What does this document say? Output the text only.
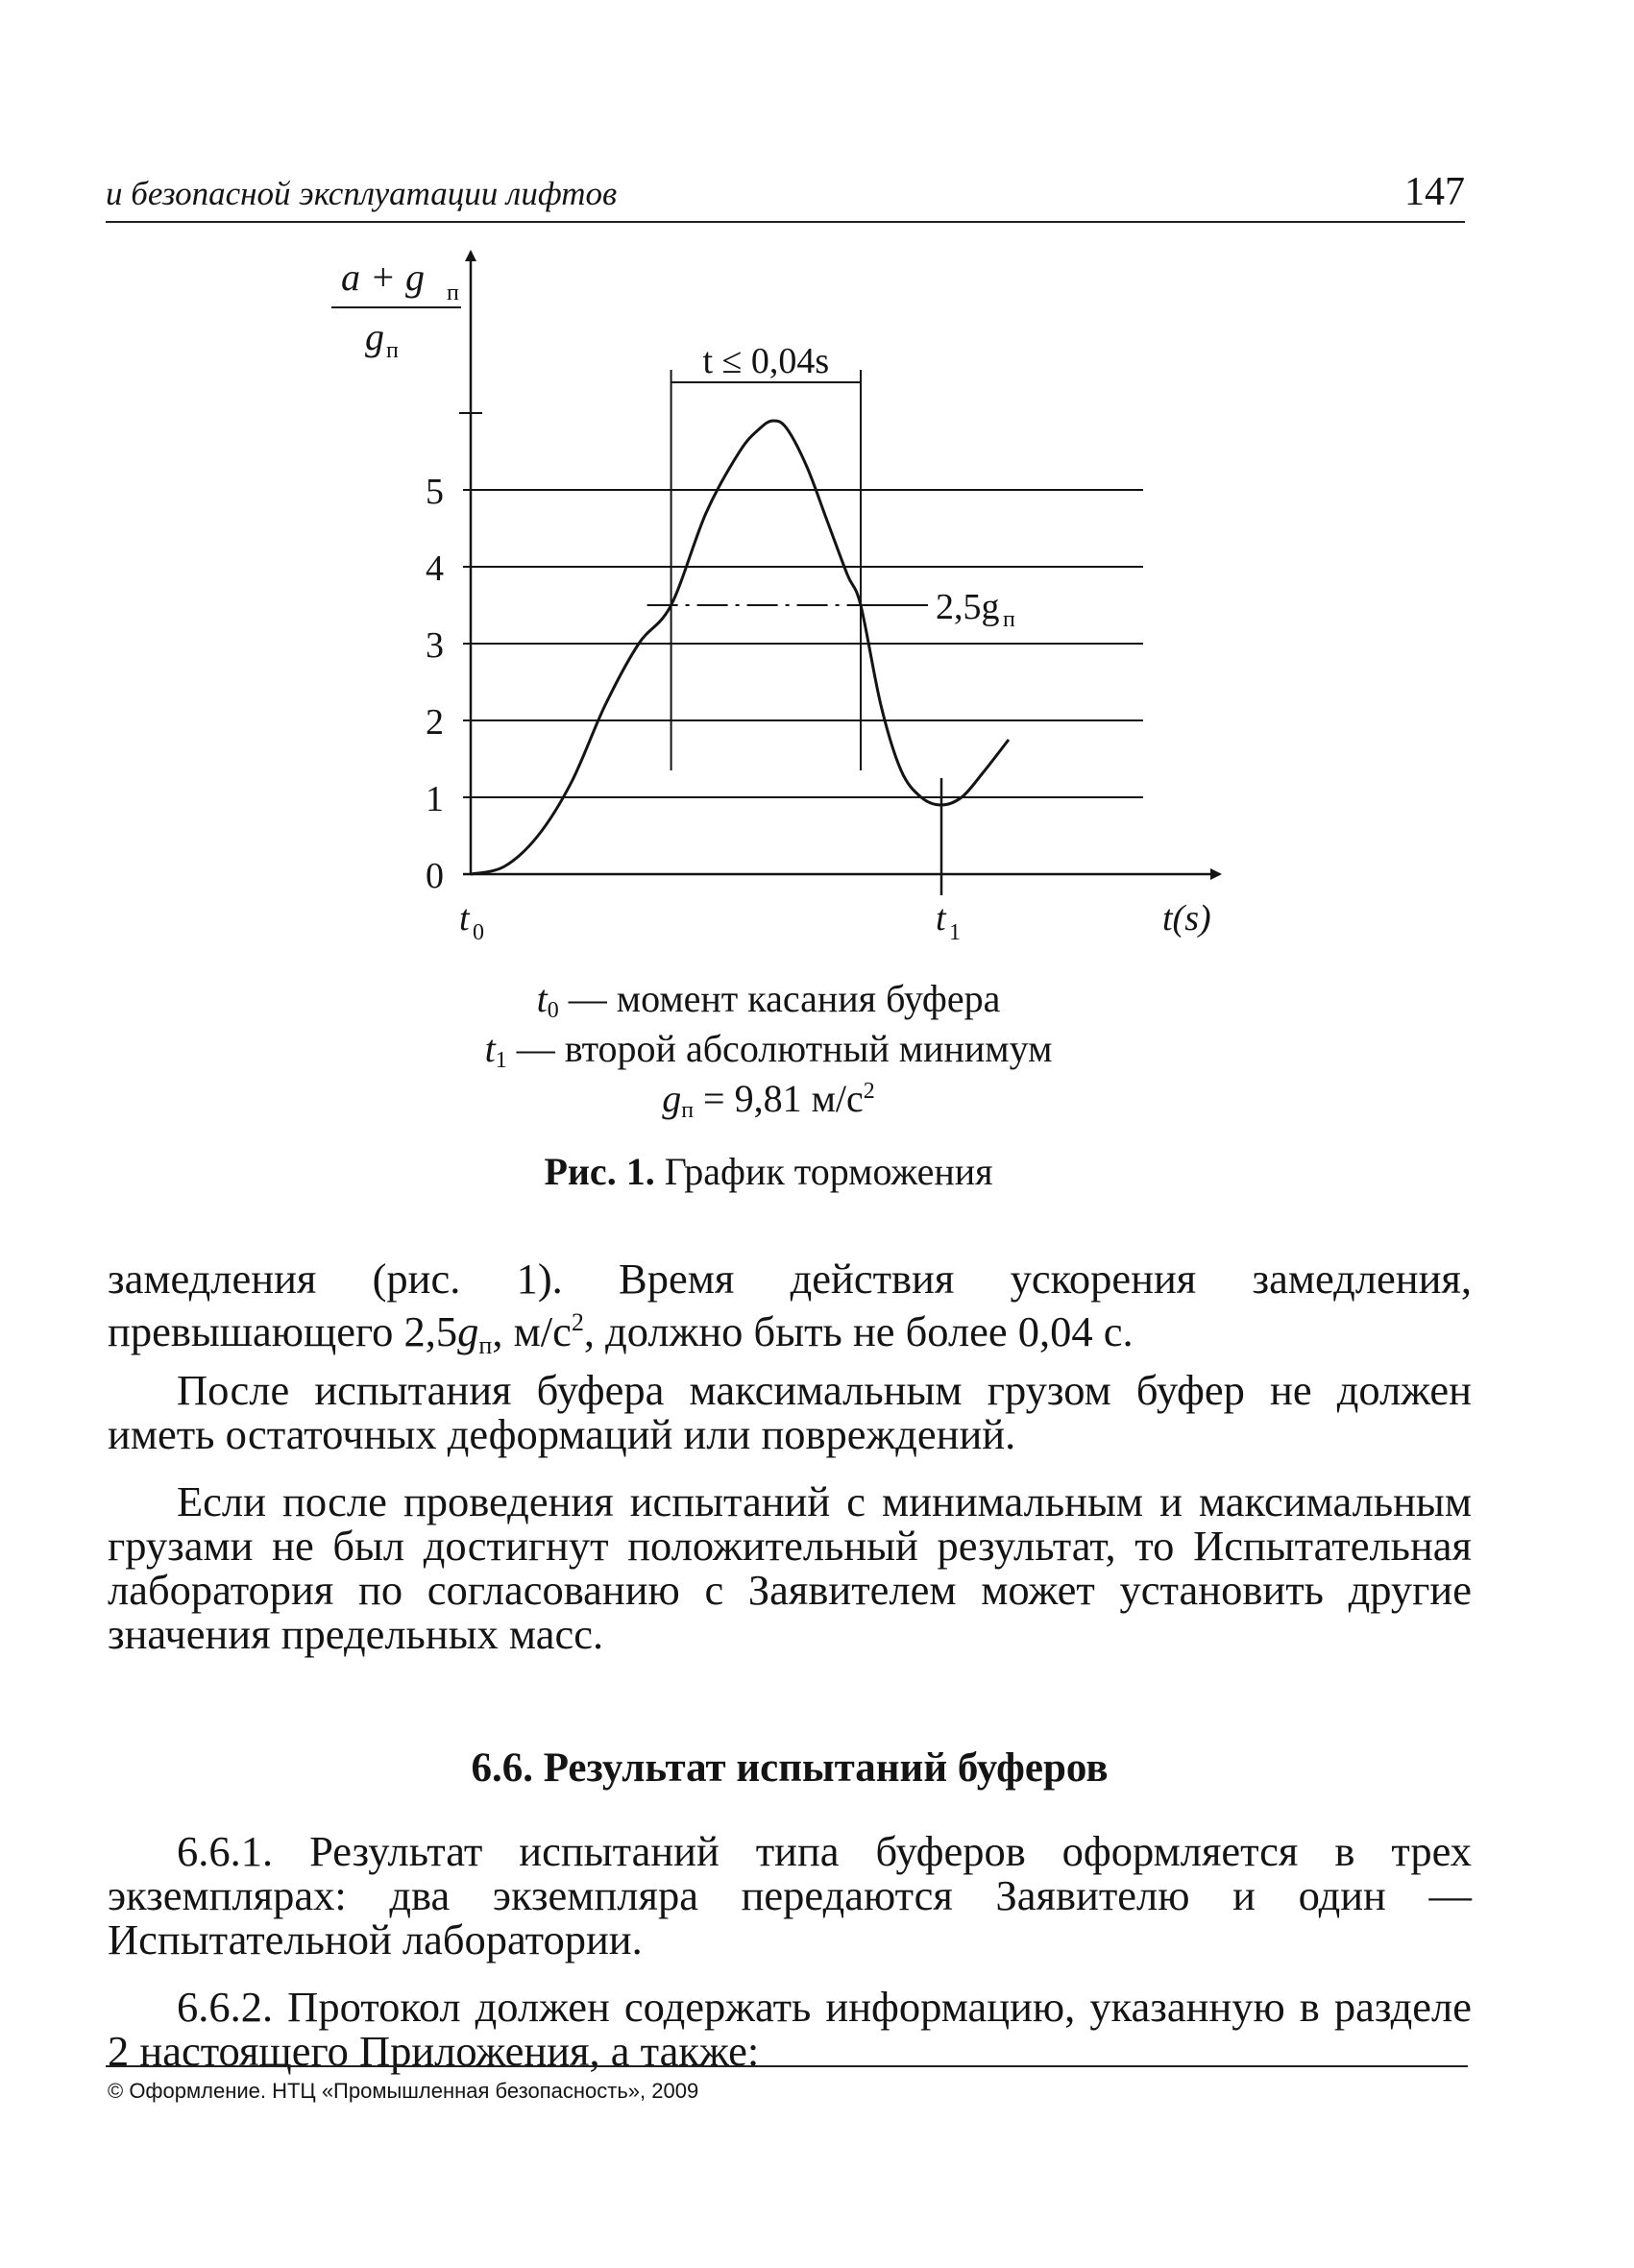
и безопасной эксплуатации лифтов	147
0
1
2
3
4
5
a + g п
g п	t ≤ 0,04s
2,5g п
t 0	t 1	t(s)
$t_0$ — момент касания буфера
$t_1$ — второй абсолютный минимум
$g_п = 9,81$ $м/с^2$
Рис. 1. График торможения
замедления (рис. 1). Время действия ускорения замедления, превышающего $2,5g_п$, $м/с^2$, должно быть не более 0,04 с.
После испытания буфера максимальным грузом буфер не должен иметь остаточных деформаций или повреждений.
Если после проведения испытаний с минимальным и максимальным грузами не был достигнут положительный результат, то Испытательная лаборатория по согласованию с Заявителем может установить другие значения предельных масс.
6.6. Результат испытаний буферов
6.6.1. Результат испытаний типа буферов оформляется в трех экземплярах: два экземпляра передаются Заявителю и один — Испытательной лаборатории.
6.6.2. Протокол должен содержать информацию, указанную в разделе 2 настоящего Приложения, а также:
© Оформление. НТЦ «Промышленная безопасность», 2009
